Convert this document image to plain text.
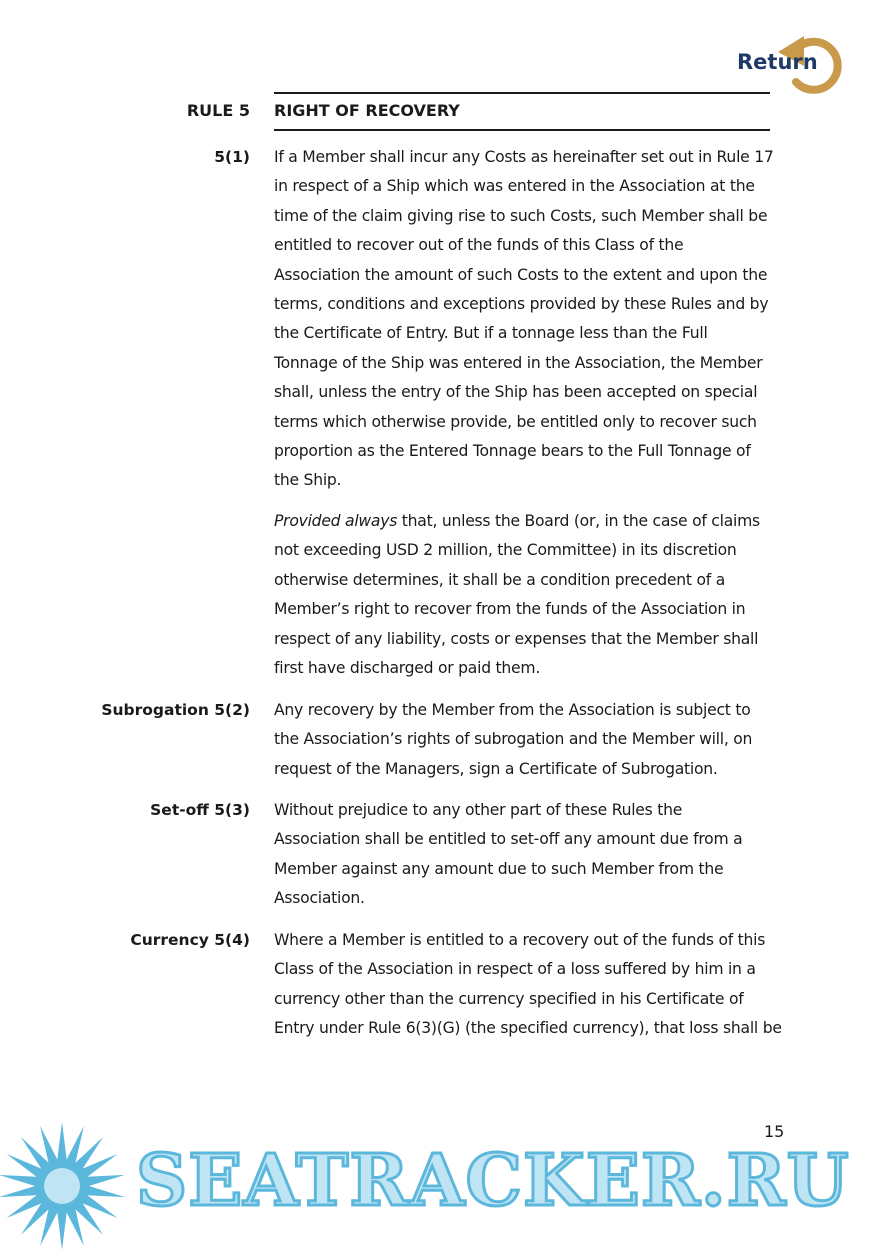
Return
RULE 5 RIGHT OF RECOVERY
5(1) If a Member shall incur any Costs as hereinafter set out in Rule 17
in respect of a Ship which was entered in the Association at the
time of the claim giving rise to such Costs, such Member shall be
entitled to recover out of the funds of this Class of the
Association the amount of such Costs to the extent and upon the
terms, conditions and exceptions provided by these Rules and by
the Certificate of Entry. But if a tonnage less than the Full
Tonnage of the Ship was entered in the Association, the Member
shall, unless the entry of the Ship has been accepted on special
terms which otherwise provide, be entitled only to recover such
proportion as the Entered Tonnage bears to the Full Tonnage of
the Ship.
Provided always that, unless the Board (or, in the case of claims
not exceeding USD 2 million, the Committee) in its discretion
otherwise determines, it shall be a condition precedent of a
Member’s right to recover from the funds of the Association in
respect of any liability, costs or expenses that the Member shall
first have discharged or paid them.
Subrogation 5(2) Any recovery by the Member from the Association is subject to
the Association’s rights of subrogation and the Member will, on
request of the Managers, sign a Certificate of Subrogation.
Set-off 5(3) Without prejudice to any other part of these Rules the
Association shall be entitled to set-off any amount due from a
Member against any amount due to such Member from the
Association.
Currency 5(4) Where a Member is entitled to a recovery out of the funds of this
Class of the Association in respect of a loss suffered by him in a
currency other than the currency specified in his Certificate of
Entry under Rule 6(3)(G) (the specified currency), that loss shall be
15
SEATRACKER.RU
